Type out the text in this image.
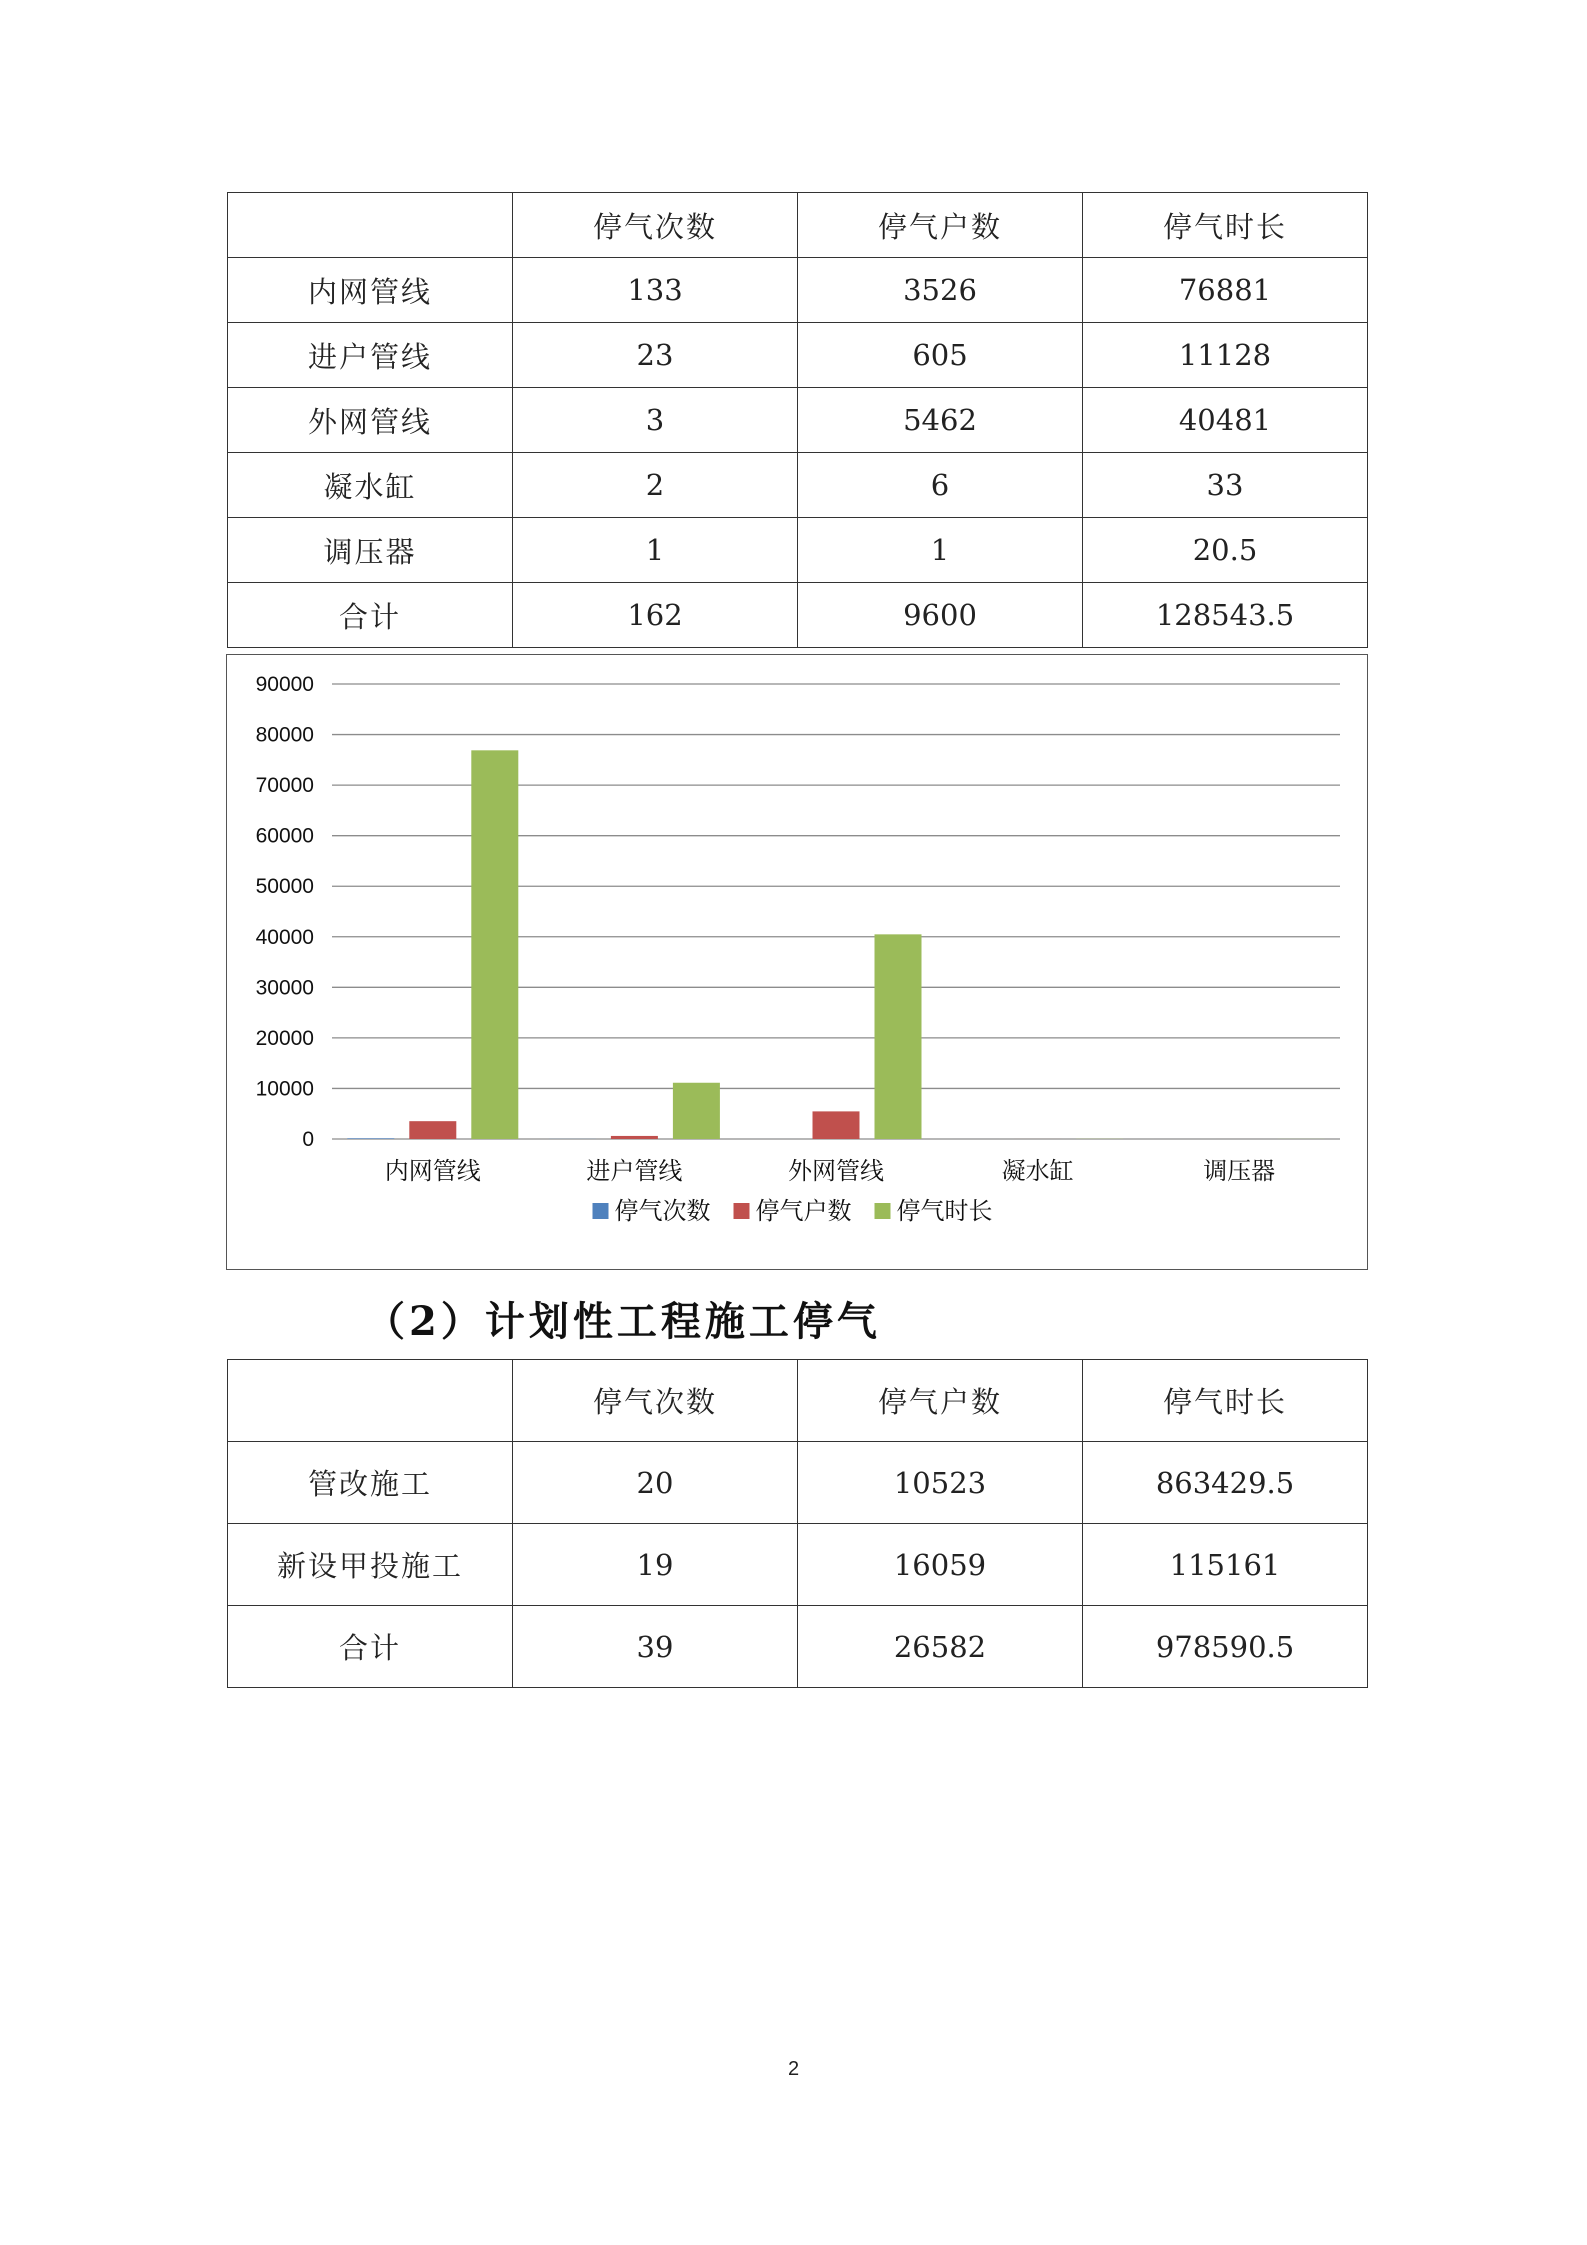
	停气次数	停气户数	停气时长
内网管线	133	3526	76881
进户管线	23	605	11128
外网管线	3	5462	40481
凝水缸	2	6	33
调压器	1	1	20.5
合计	162	9600	128543.5
0
10000
20000
30000
40000
50000
60000
70000
80000
90000
内网管线	进户管线	外网管线	凝水缸	调压器
停气次数 停气户数 停气时长
（2）计划性工程施工停气
	停气次数	停气户数	停气时长
管改施工	20	10523	863429.5
新设甲投施工	19	16059	115161
合计	39	26582	978590.5
2
